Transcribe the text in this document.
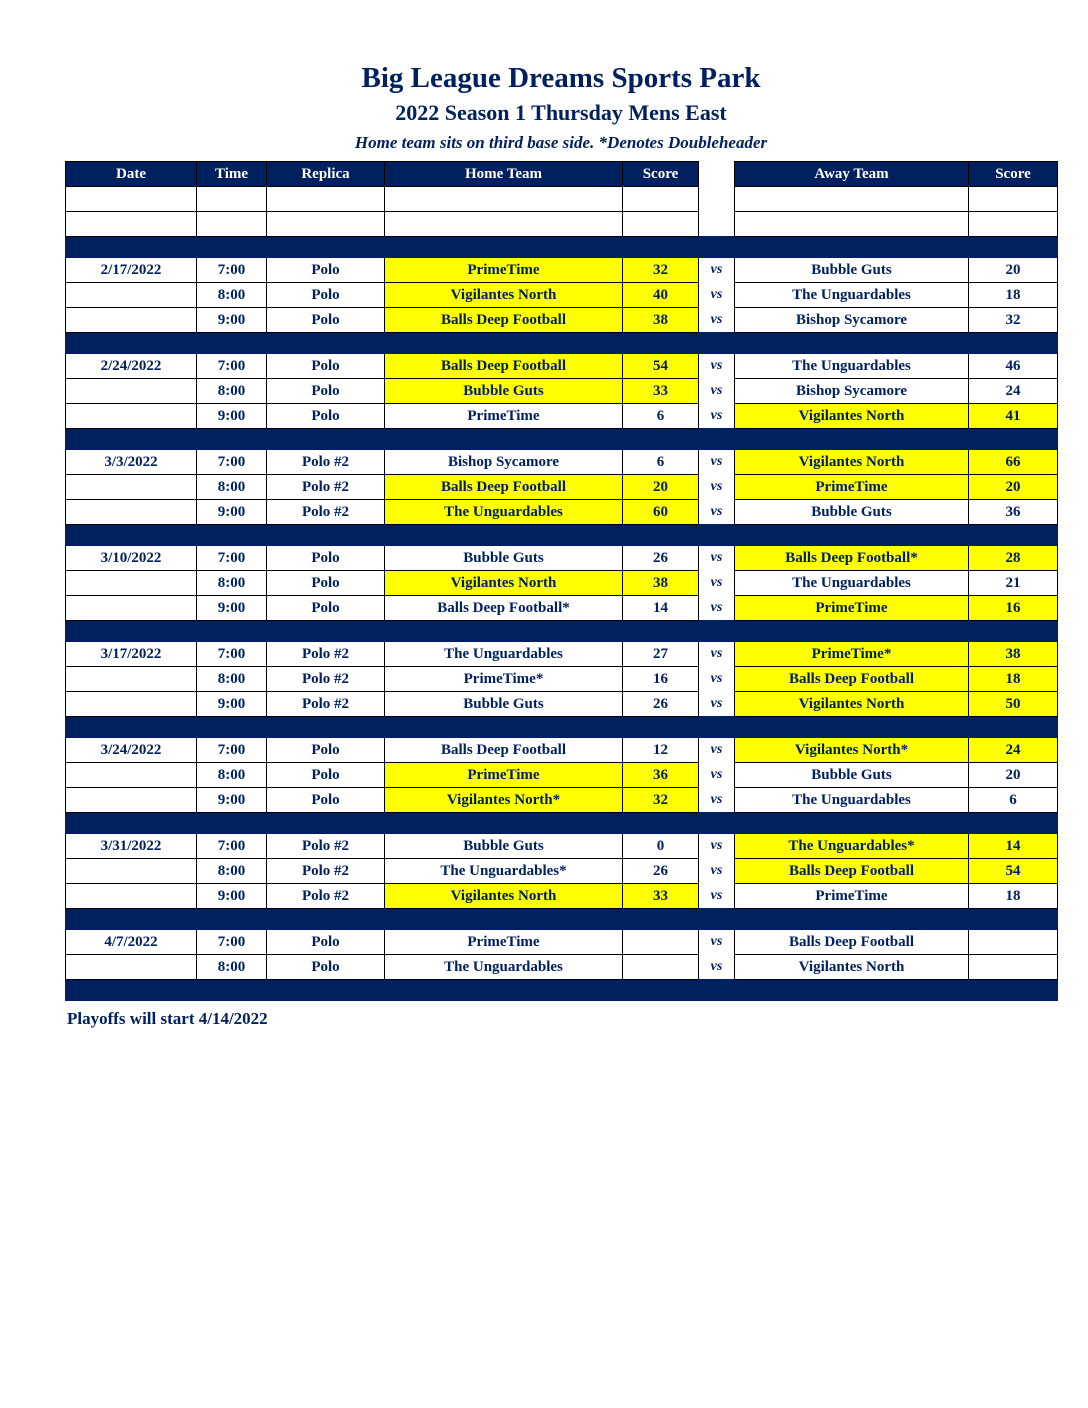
Big League Dreams Sports Park
2022 Season 1 Thursday Mens East
Home team sits on third base side. *Denotes Doubleheader
Date	Time	Replica	Home Team	Score		Away Team	Score

2/17/2022	7:00	Polo	PrimeTime	32	vs	Bubble Guts	20
	8:00	Polo	Vigilantes North	40	vs	The Unguardables	18
	9:00	Polo	Balls Deep Football	38	vs	Bishop Sycamore	32

2/24/2022	7:00	Polo	Balls Deep Football	54	vs	The Unguardables	46
	8:00	Polo	Bubble Guts	33	vs	Bishop Sycamore	24
	9:00	Polo	PrimeTime	6	vs	Vigilantes North	41

3/3/2022	7:00	Polo #2	Bishop Sycamore	6	vs	Vigilantes North	66
	8:00	Polo #2	Balls Deep Football	20	vs	PrimeTime	20
	9:00	Polo #2	The Unguardables	60	vs	Bubble Guts	36

3/10/2022	7:00	Polo	Bubble Guts	26	vs	Balls Deep Football*	28
	8:00	Polo	Vigilantes North	38	vs	The Unguardables	21
	9:00	Polo	Balls Deep Football*	14	vs	PrimeTime	16

3/17/2022	7:00	Polo #2	The Unguardables	27	vs	PrimeTime*	38
	8:00	Polo #2	PrimeTime*	16	vs	Balls Deep Football	18
	9:00	Polo #2	Bubble Guts	26	vs	Vigilantes North	50

3/24/2022	7:00	Polo	Balls Deep Football	12	vs	Vigilantes North*	24
	8:00	Polo	PrimeTime	36	vs	Bubble Guts	20
	9:00	Polo	Vigilantes North*	32	vs	The Unguardables	6

3/31/2022	7:00	Polo #2	Bubble Guts	0	vs	The Unguardables*	14
	8:00	Polo #2	The Unguardables*	26	vs	Balls Deep Football	54
	9:00	Polo #2	Vigilantes North	33	vs	PrimeTime	18

4/7/2022	7:00	Polo	PrimeTime		vs	Balls Deep Football	
	8:00	Polo	The Unguardables		vs	Vigilantes North	

Playoffs will start 4/14/2022
